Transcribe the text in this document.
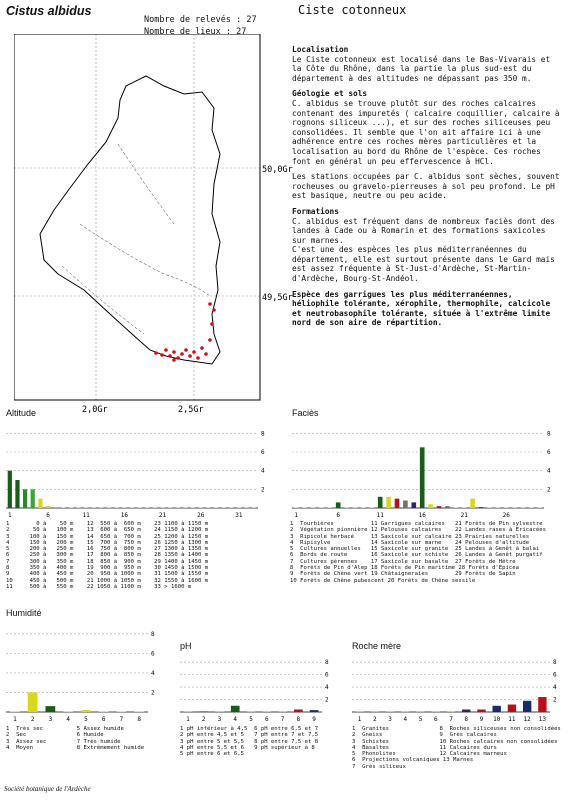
Cistus albidus
Nombre de relevés : 27
Nombre de lieux : 27
Ciste cotonneux
50,0Gr
49,5Gr
2,0Gr	2,5Gr

Localisation

Le Ciste cotonneux est localisé dans le Bas-Vivarais et la Côte du Rhône, dans la partie la plus sud-est du département à des altitudes ne dépassant pas 350 m.

Géologie et sols

C. albidus se trouve plutôt sur des roches calcaires contenant des impuretés ( calcaire coquillier, calcaire à rognons siliceux ...), et sur des roches siliceuses peu consolidées. Il semble que l'on ait affaire ici à une adhérence entre ces roches mères particulières et la localisation au bord du Rhône de l'espèce. Ces roches font en général un peu effervescence à HCl.

Les stations occupées par C. albidus sont sèches, souvent rocheuses ou gravelo-pierreuses à sol peu profond. Le pH est basique, neutre ou peu acide.

Formations

C. albidus est fréquent dans de nombreux faciès dont des landes à Cade ou à Romarin et des formations saxicoles sur marnes.

C'est une des espèces les plus méditerranéennes du département, elle est surtout présente dans le Gard mais est assez fréquente à St-Just-d'Ardèche, St-Martin-d'Ardèche, Bourg-St-Andéol.

Espèce des garrigues les plus méditerranéennes, héliophile tolérante, xérophile, thermophile, calcicole et neutrobasophile tolérante, située à l'extrême limite nord de son aire de répartition.

Altitude
2
4
6
8
1	6	11	16	21	26	31
1        0 à    50 m    12  550 à  600 m    23 1100 à 1150 m
2       50 à   100 m    13  600 à  650 m    24 1150 à 1200 m
3      100 à   150 m    14  650 à  700 m    25 1200 à 1250 m
4      150 à   200 m    15  700 à  750 m    26 1250 à 1300 m
5      200 à   250 m    16  750 à  800 m    27 1300 à 1350 m
6      250 à   300 m    17  800 à  850 m    28 1350 à 1400 m
7      300 à   350 m    18  850 à  900 m    29 1400 à 1450 m
8      350 à   400 m    19  900 à  950 m    30 1450 à 1500 m
9      400 à   450 m    20  950 à 1000 m    31 1500 à 1550 m
10     450 à   500 m    21 1000 à 1050 m    32 1550 à 1600 m
11     500 à   550 m    22 1050 à 1100 m    33 > 1600 m
Faciès
2
4
6
8
1	6	11	16	21	26
1  Tourbières           11 Garrigues calcaires   21 Forêts de Pin sylvestre
2  Végétation pionnière 12 Pelouses calcaires    22 Landes rases à Ericacées
3  Ripicole herbacé     13 Saxicole sur calcaire 23 Prairies naturelles
4  Ripisylve            14 Saxicole sur marne    24 Pelouses d'altitude
5  Cultures annuelles   15 Saxicole sur granite  25 Landes à Genêt à balai
6  Bords de route       16 Saxicole sur schiste  26 Landes à Genêt purgatif
7  Cultures pérennes    17 Saxicole sur basalte  27 Forêts de Hêtre
8  Forêts de Pin d'Alep 18 Forêts de Pin maritime 28 Forêts d'Epicea
9  Forêts de Chêne vert 19 Châtaigneraies        29 Forêts de Sapin
10 Forêts de Chêne pubescent 20 Forêts de Chêne sessile
Humidité
2
4
6
8
1 2 3 4 5 6 7 8
1  Très sec          5 Assez humide
2  Sec               6 Humide
3  Assez sec         7 Très humide
4  Moyen             8 Extrêmement humide
pH
2
4
6
8
1 2 3 4 5 6 7 8 9
1 pH inférieur à 4,5  6 pH entre 6,5 et 7
2 pH entre 4,5 et 5   7 pH entre 7 et 7,5
3 pH entre 5 et 5,5   8 pH entre 7,5 et 8
4 pH entre 5,5 et 6   9 pH supérieur à 8
5 pH entre 6 et 6,5
Roche mère
2
4
6
8
1 2 3 4 5 6 7 8 9 10 11 12 13
1  Granites               8  Roches siliceuses non consolidées
2  Gneiss                 9  Grès calcaires
3  Schistes               10 Roches calcaires non consolidées
4  Basaltes               11 Calcaires durs
5  Phonolites             12 Calcaires marneux
6  Projections volcaniques 13 Marnes
7  Grès siliceux
Société botanique de l'Ardèche
